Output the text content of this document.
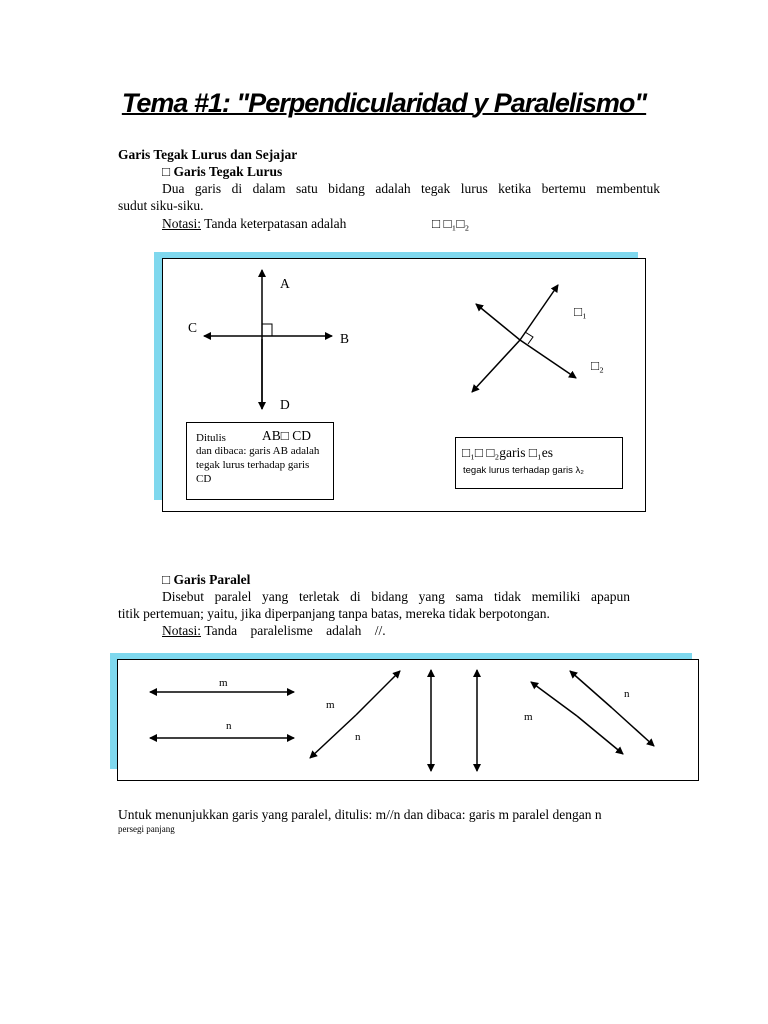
Tema #1: "Perpendicularidad y Paralelismo"
Garis Tegak Lurus dan Sejajar
□ Garis Tegak Lurus
Dua garis di dalam satu bidang adalah tegak lurus ketika bertemu membentuk
sudut siku-siku.
Notasi: Tanda keterpatasan adalah	□ □₁□₂
A
C
B
D
□₁
□₂
Ditulis	AB□ CD
dan dibaca: garis AB adalah
tegak lurus terhadap garis
CD
□₁□ □₂garis □₁es
tegak lurus terhadap garis λ₂
□ Garis Paralel
Disebut paralel yang terletak di bidang yang sama tidak memiliki apapun
titik pertemuan; yaitu, jika diperpanjang tanpa batas, mereka tidak berpotongan.
Notasi: Tanda paralelisme adalah //.
m
n
m
n
m
n
Untuk menunjukkan garis yang paralel, ditulis: m//n dan dibaca: garis m paralel dengan n
persegi panjang
